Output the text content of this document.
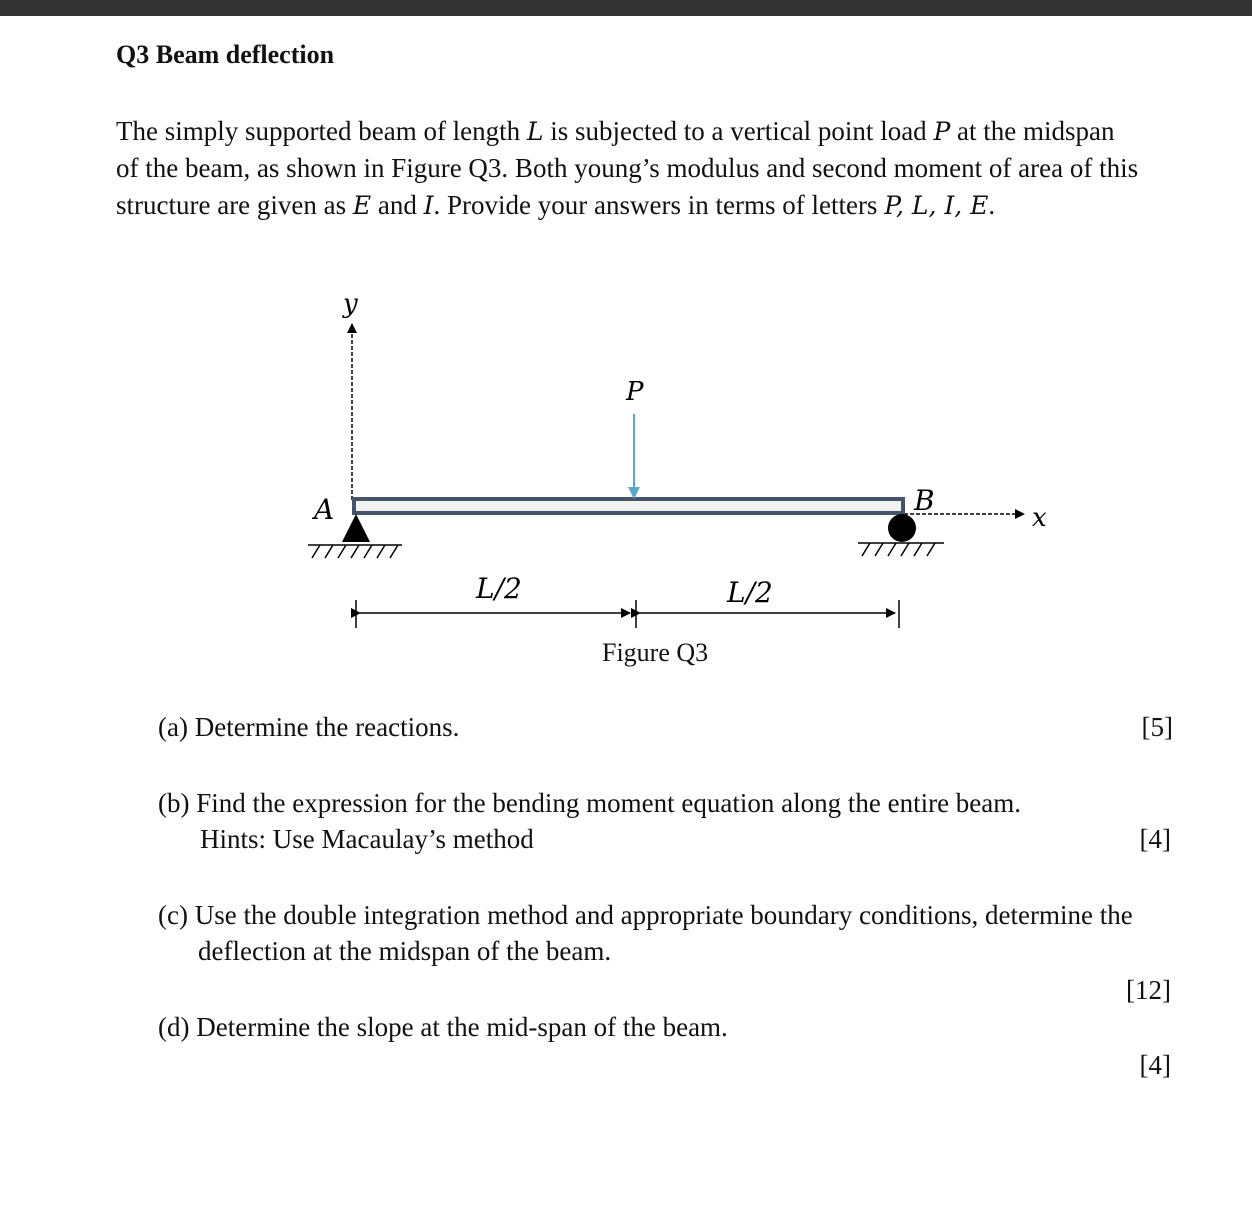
Q3 Beam deflection
The simply supported beam of length L is subjected to a vertical point load P at the midspan
of the beam, as shown in Figure Q3. Both young’s modulus and second moment of area of this
structure are given as E and I. Provide your answers in terms of letters P, L, I, E.
y
x
P
A	B
L/2	L/2
Figure Q3
(a) Determine the reactions.	[5]
(b) Find the expression for the bending moment equation along the entire beam.
Hints: Use Macaulay’s method	[4]
(c) Use the double integration method and appropriate boundary conditions, determine the
deflection at the midspan of the beam.
[12]
(d) Determine the slope at the mid-span of the beam.
[4]
